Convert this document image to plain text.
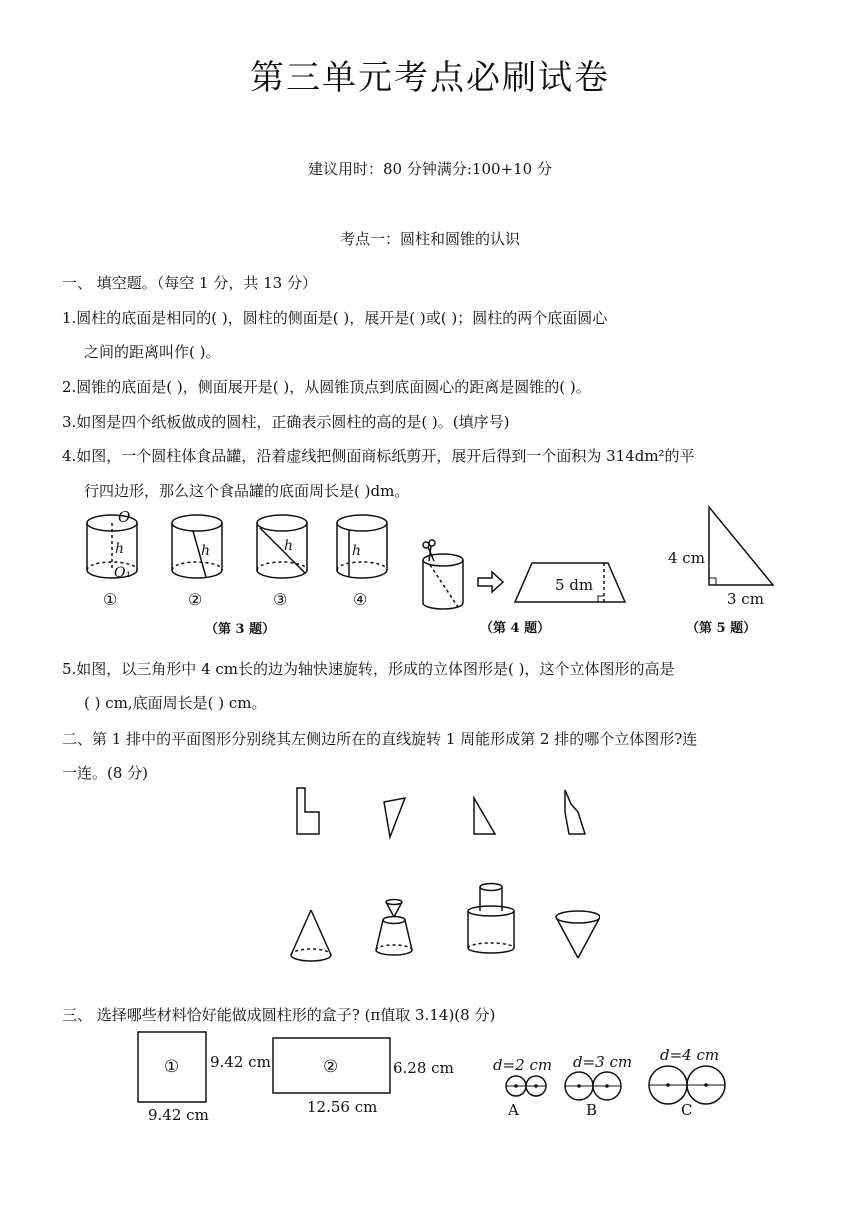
第三单元考点必刷试卷
建议用时：80 分钟满分:100+10 分
考点一：圆柱和圆锥的认识
一、 填空题。（每空 1 分，共 13 分）
1.圆柱的底面是相同的( )，圆柱的侧面是( )，展开是( )或( )；圆柱的两个底面圆心
之间的距离叫作( )。
2.圆锥的底面是( )，侧面展开是( )，从圆锥顶点到底面圆心的距离是圆锥的( )。
3.如图是四个纸板做成的圆柱，正确表示圆柱的高的是( )。(填序号)
4.如图，一个圆柱体食品罐，沿着虚线把侧面商标纸剪开，展开后得到一个面积为 314dm²的平
行四边形，那么这个食品罐的底面周长是( )dm。
O
O₁
h	h	h	h
①	②	③	④
5 dm
4 cm
3 cm
（第 3 题）	（第 4 题）	（第 5 题）
5.如图，以三角形中 4 cm长的边为轴快速旋转，形成的立体图形是( )，这个立体图形的高是
( ) cm,底面周长是( ) cm。
二、第 1 排中的平面图形分别绕其左侧边所在的直线旋转 1 周能形成第 2 排的哪个立体图形?连
一连。(8 分)
三、 选择哪些材料恰好能做成圆柱形的盒子? (π值取 3.14)(8 分)
① 9.42 cm
9.42 cm
②	6.28 cm
12.56 cm
d=2 cm
A
d=3 cm
B
d=4 cm
C
